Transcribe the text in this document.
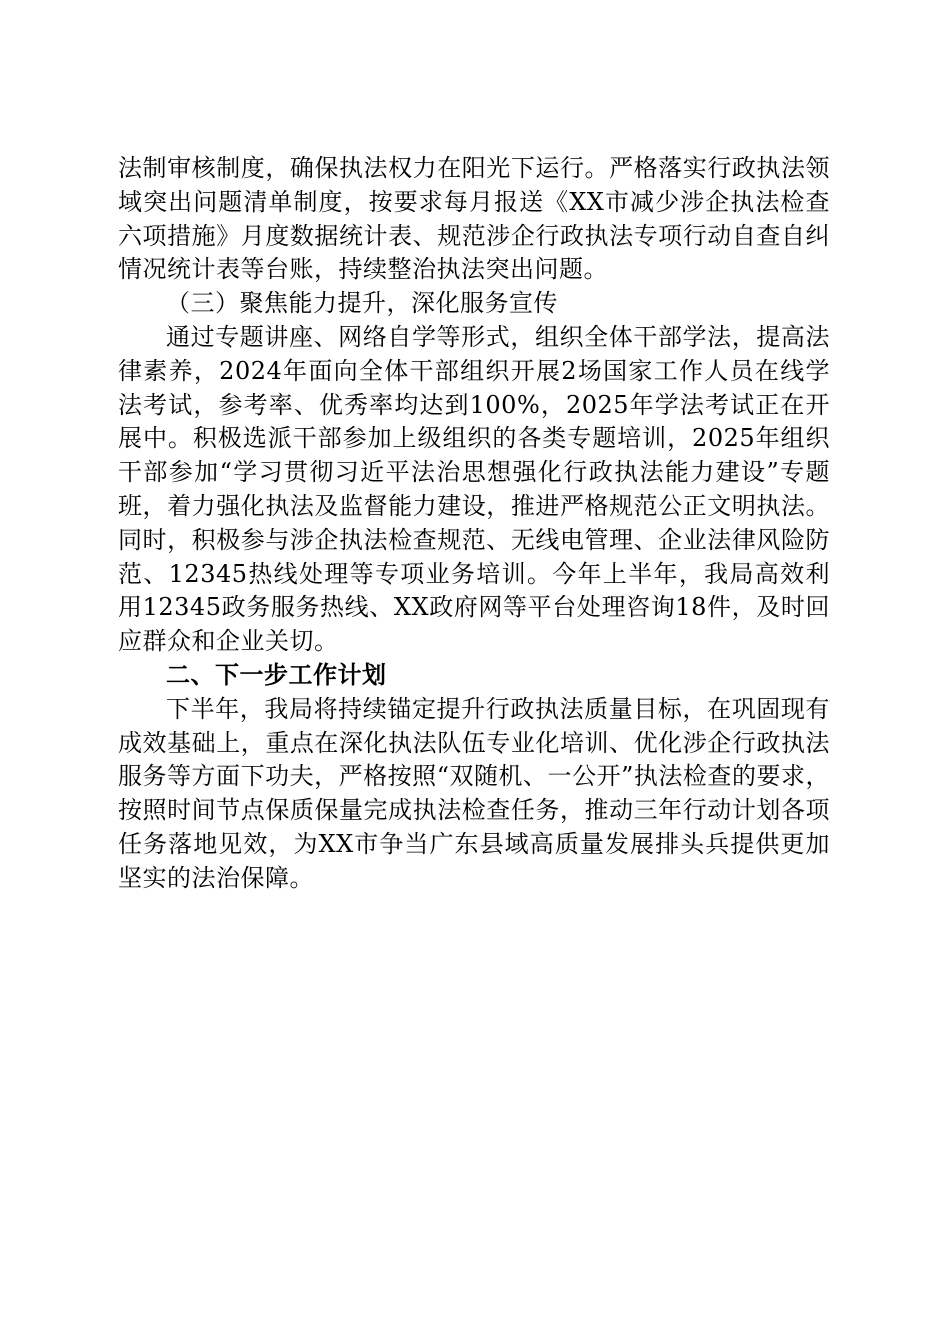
法制审核制度，确保执法权力在阳光下运行。严格落实行政执法领域突出问题清单制度，按要求每月报送《XX市减少涉企执法检查六项措施》月度数据统计表、规范涉企行政执法专项行动自查自纠情况统计表等台账，持续整治执法突出问题。

（三）聚焦能力提升，深化服务宣传

通过专题讲座、网络自学等形式，组织全体干部学法，提高法律素养，2024年面向全体干部组织开展2场国家工作人员在线学法考试，参考率、优秀率均达到100%，2025年学法考试正在开展中。积极选派干部参加上级组织的各类专题培训，2025年组织干部参加“学习贯彻习近平法治思想强化行政执法能力建设”专题班，着力强化执法及监督能力建设，推进严格规范公正文明执法。同时，积极参与涉企执法检查规范、无线电管理、企业法律风险防范、12345热线处理等专项业务培训。今年上半年，我局高效利用12345政务服务热线、XX政府网等平台处理咨询18件，及时回应群众和企业关切。

二、下一步工作计划

下半年，我局将持续锚定提升行政执法质量目标，在巩固现有成效基础上，重点在深化执法队伍专业化培训、优化涉企行政执法服务等方面下功夫，严格按照“双随机、一公开”执法检查的要求，按照时间节点保质保量完成执法检查任务，推动三年行动计划各项任务落地见效，为XX市争当广东县域高质量发展排头兵提供更加坚实的法治保障。
